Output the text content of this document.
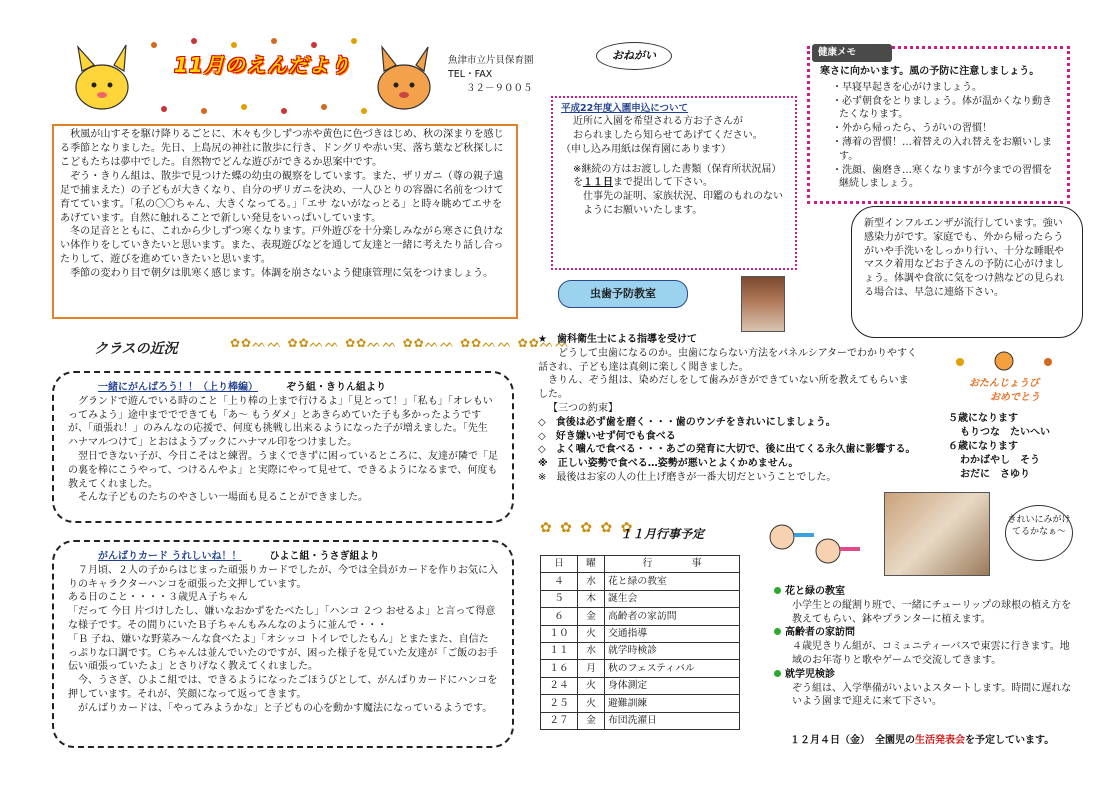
11月のえんだより	魚津市立片貝保育園
TEL・FAX
３２－９００５

秋風が山すそを駆け降りるごとに、木々も少しずつ赤や黄色に色づきはじめ、秋の深まりを感じる季節となりました。先日、上島尻の神社に散歩に行き、ドングリや赤い実、落ち葉など秋探しにこどもたちは夢中でした。自然物でどんな遊びができるか思案中です。

ぞう・きりん組は、散歩で見つけた蝶の幼虫の観察をしています。また、ザリガニ（尊の親子遠足で捕まえた）の子どもが大きくなり、自分のザリガニを決め、一人ひとりの容器に名前をつけて育てています。「私の〇〇ちゃん、大きくなってる。」「エサ ないがなっとる」と時々眺めてエサをあげています。自然に触れることで新しい発見をいっぱいしています。

冬の足音とともに、これから少しずつ寒くなります。戸外遊びを十分楽しみながら寒さに負けない体作りをしていきたいと思います。また、表現遊びなどを通して友達と一緒に考えたり話し合ったりして、遊びを進めていきたいと思います。

季節の変わり目で朝夕は肌寒く感じます。体調を崩さないよう健康管理に気をつけましょう。

クラスの近況	✿✿ᨓᨓ ✿✿ᨓᨓ ✿✿ᨓᨓ ✿✿ᨓᨓ ✿✿ᨓᨓ ✿✿ᨓᨓ
一緒にがんばろう！！（上り棒編）	ぞう組・きりん組より

グランドで遊んでいる時のこと「上り棒の上まで行けるよ」「見とって！」「私も」「オレもいってみよう」途中まででできても「あ～ もうダメ」とあきらめていた子も多かったようですが、「頑張れ！」のみんなの応援で、何度も挑戦し出来るようになった子が増えました。「先生 ハナマルつけて」とおはようブックにハナマル印をつけました。

翌日できない子が、今日こそはと練習。うまくできずに困っているところに、友達が隣で「足の裏を棒にこうやって、つけるんやよ」と実際にやって見せて、できるようになるまで、何度も教えてくれました。

そんな子どものたちのやさしい一場面も見ることができました。

がんばりカード うれしいね！！	ひよこ組・うさぎ組より

７月頃、２人の子からはじまった頑張りカードでしたが、今では全員がカードを作りお気に入りのキャラクターハンコを頑張った文押しています。

ある日のこと・・・・３歳児Ａ子ちゃん

「だって 今日 片づけしたし、嫌いなおかずをたべたし」「ハンコ ２つ おせるよ」と言って得意な様子です。その間りにいたＢ子ちゃんもみんなのように並んで・・・

「Ｂ 子ね、嫌いな野菜み～んな食べたよ」「オシッコ トイレでしたもん」とまたまた、自信たっぷりな口調です。Ｃちゃんは並んでいたのですが、困った様子を見ていた友達が「ご飯のお手伝い頑張っていたよ」とさりげなく教えてくれました。

今、うさぎ、ひよこ組では、できるようになったごほうびとして、がんばりカードにハンコを押しています。それが、笑顔になって返ってきます。

がんばりカードは、「やってみようかな」と子どもの心を動かす魔法になっているようです。

おねがい
平成22年度入園申込について

近所に入園を希望される方お子さんが

おられましたら知らせてあげてください。

（申し込み用紙は保育園にあります）

※継続の方はお渡しした書類（保育所状況届）を１１日まで提出して下さい。

仕事先の証明、家族状況、印鑑のもれのないようにお願いいたします。

寒さに向かいます。風の予防に注意しましょう。
・早寝早起きを心がけましょう。
・必ず朝食をとりましょう。体が温かくなり動きたくなります。
・外から帰ったら、うがいの習慣！
・薄着の習慣！…着替えの入れ替えをお願いします。
・洗顔、歯磨き…寒くなりますが今までの習慣を継続しましょう。
健康メモ
新型インフルエンザが流行しています。強い感染力がです。家庭でも、外から帰ったらうがいや手洗いをしっかり行い、十分な睡眠やマスク着用などお子さんの予防に心がけましょう。体調や食欲に気をつけ熱などの見られる場合は、早急に連絡下さい。
虫歯予防教室
★　歯科衛生士による指導を受けて

どうして虫歯になるのか。虫歯にならない方法をパネルシアターでわかりやすく話され、子ども達は真剣に楽しく聞きました。

きりん、ぞう組は、染めだしをして歯みがきができていない所を教えてもらいました。

【三つの約束】

◇　食後は必ず歯を磨く・・・歯のウンチをきれいにしましょう。

◇　好き嫌いせず何でも食べる

◇　よく噛んで食べる・・・あごの発育に大切で、後に出てくる永久歯に影響する。

※　正しい姿勢で食べる…姿勢が悪いとよくかめません。

※　最後はお家の人の仕上げ磨きが一番大切だということでした。

おたんじょうび
おめでとう
５歳になります
もりつな　たいへい
６歳になります
わかばやし　そう
おだに　さゆり
✿ ✿ ✿ ✿ ✿
１１月行事予定
日	曜	行　　　　事
４	水	花と緑の教室
５	木	誕生会
６	金	高齢者の家訪問
１０	火	交通指導
１１	水	就学時検診
１６	月	秋のフェスティバル
２４	火	身体測定
２５	火	避難訓練
２７	金	布団洗濯日
きれいにみがけてるかなぁ～
花と緑の教室
小学生との縦割り班で、一緒にチューリップの球根の植え方を教えてもらい、鉢やプランターに植えます。
高齢者の家訪問
４歳児きりん組が、コミュニティーバスで東雲に行きます。地域のお年寄りと歌やゲームで交流してきます。
就学児検診
ぞう組は、入学準備がいよいよスタートします。時間に遅れないよう園まで迎えに来て下さい。
１２月４日（金）　全園児の生活発表会を予定しています。
